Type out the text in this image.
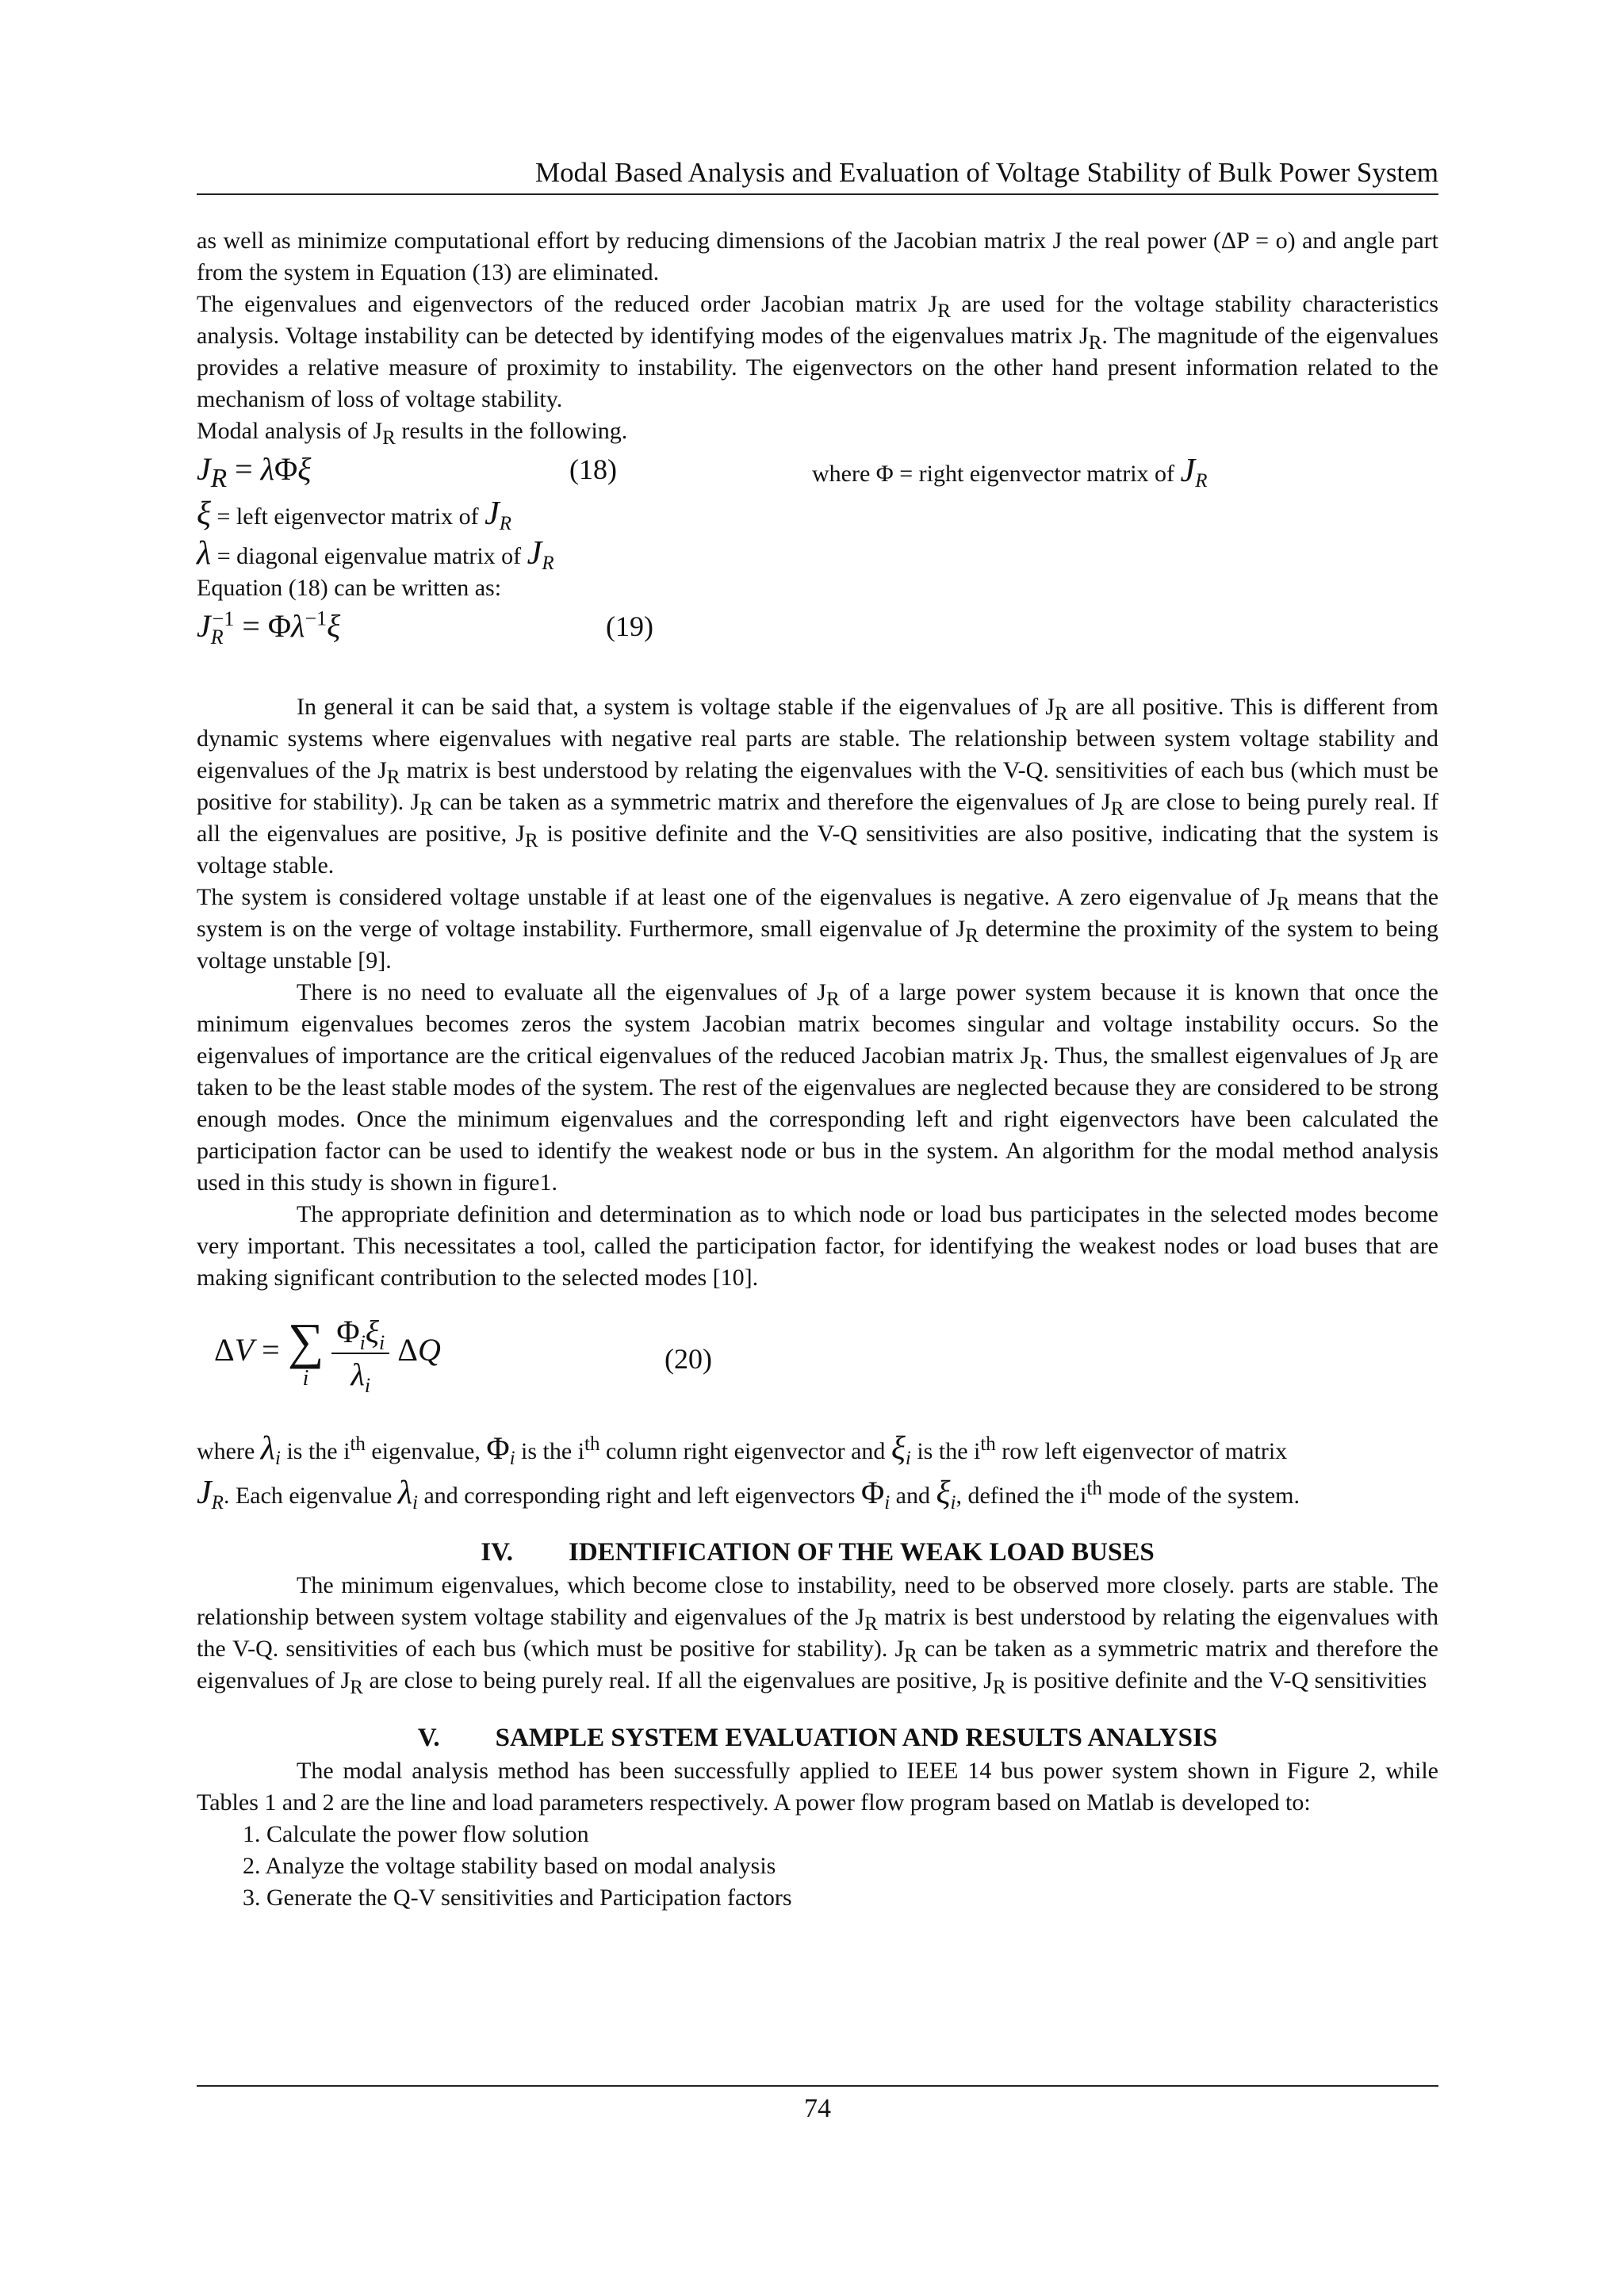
Modal Based Analysis and Evaluation of Voltage Stability of Bulk Power System

as well as minimize computational effort by reducing dimensions of the Jacobian matrix J the real power (ΔP = o) and angle part from the system in Equation (13) are eliminated.

The eigenvalues and eigenvectors of the reduced order Jacobian matrix $J_R$ are used for the voltage stability characteristics analysis. Voltage instability can be detected by identifying modes of the eigenvalues matrix $J_R$. The magnitude of the eigenvalues provides a relative measure of proximity to instability. The eigenvectors on the other hand present information related to the mechanism of loss of voltage stability.

Modal analysis of $J_R$ results in the following.

$J_R = \lambda\Phi\xi$	(18)	where Φ = right eigenvector matrix of $J_R$

ξ = left eigenvector matrix of $J_R$

λ = diagonal eigenvalue matrix of $J_R$

Equation (18) can be written as:

$J_R^{-1} = \Phi\lambda^{-1}\xi$	(19)

In general it can be said that, a system is voltage stable if the eigenvalues of $J_R$ are all positive. This is different from dynamic systems where eigenvalues with negative real parts are stable. The relationship between system voltage stability and eigenvalues of the $J_R$ matrix is best understood by relating the eigenvalues with the V-Q. sensitivities of each bus (which must be positive for stability). $J_R$ can be taken as a symmetric matrix and therefore the eigenvalues of $J_R$ are close to being purely real. If all the eigenvalues are positive, $J_R$ is positive definite and the V-Q sensitivities are also positive, indicating that the system is voltage stable.

The system is considered voltage unstable if at least one of the eigenvalues is negative. A zero eigenvalue of $J_R$ means that the system is on the verge of voltage instability. Furthermore, small eigenvalue of $J_R$ determine the proximity of the system to being voltage unstable [9].

There is no need to evaluate all the eigenvalues of $J_R$ of a large power system because it is known that once the minimum eigenvalues becomes zeros the system Jacobian matrix becomes singular and voltage instability occurs. So the eigenvalues of importance are the critical eigenvalues of the reduced Jacobian matrix $J_R$. Thus, the smallest eigenvalues of $J_R$ are taken to be the least stable modes of the system. The rest of the eigenvalues are neglected because they are considered to be strong enough modes. Once the minimum eigenvalues and the corresponding left and right eigenvectors have been calculated the participation factor can be used to identify the weakest node or bus in the system. An algorithm for the modal method analysis used in this study is shown in figure1.

The appropriate definition and determination as to which node or load bus participates in the selected modes become very important. This necessitates a tool, called the participation factor, for identifying the weakest nodes or load buses that are making significant contribution to the selected modes [10].

ΔV = ∑
i
$\frac{\Phi_i\xi_i}{\lambda_i}$ ΔQ	(20)

where $\lambda_i$ is the $i^{th}$ eigenvalue, $\Phi_i$ is the $i^{th}$ column right eigenvector and $\xi_i$ is the $i^{th}$ row left eigenvector of matrix

$J_R$. Each eigenvalue $\lambda_i$ and corresponding right and left eigenvectors $\Phi_i$ and $\xi_i$, defined the $i^{th}$ mode of the system.

IV. IDENTIFICATION OF THE WEAK LOAD BUSES

The minimum eigenvalues, which become close to instability, need to be observed more closely. parts are stable. The relationship between system voltage stability and eigenvalues of the $J_R$ matrix is best understood by relating the eigenvalues with the V-Q. sensitivities of each bus (which must be positive for stability). $J_R$ can be taken as a symmetric matrix and therefore the eigenvalues of $J_R$ are close to being purely real. If all the eigenvalues are positive, $J_R$ is positive definite and the V-Q sensitivities

V. SAMPLE SYSTEM EVALUATION AND RESULTS ANALYSIS

The modal analysis method has been successfully applied to IEEE 14 bus power system shown in Figure 2, while Tables 1 and 2 are the line and load parameters respectively. A power flow program based on Matlab is developed to:

1. Calculate the power flow solution
2. Analyze the voltage stability based on modal analysis
3. Generate the Q-V sensitivities and Participation factors
74
